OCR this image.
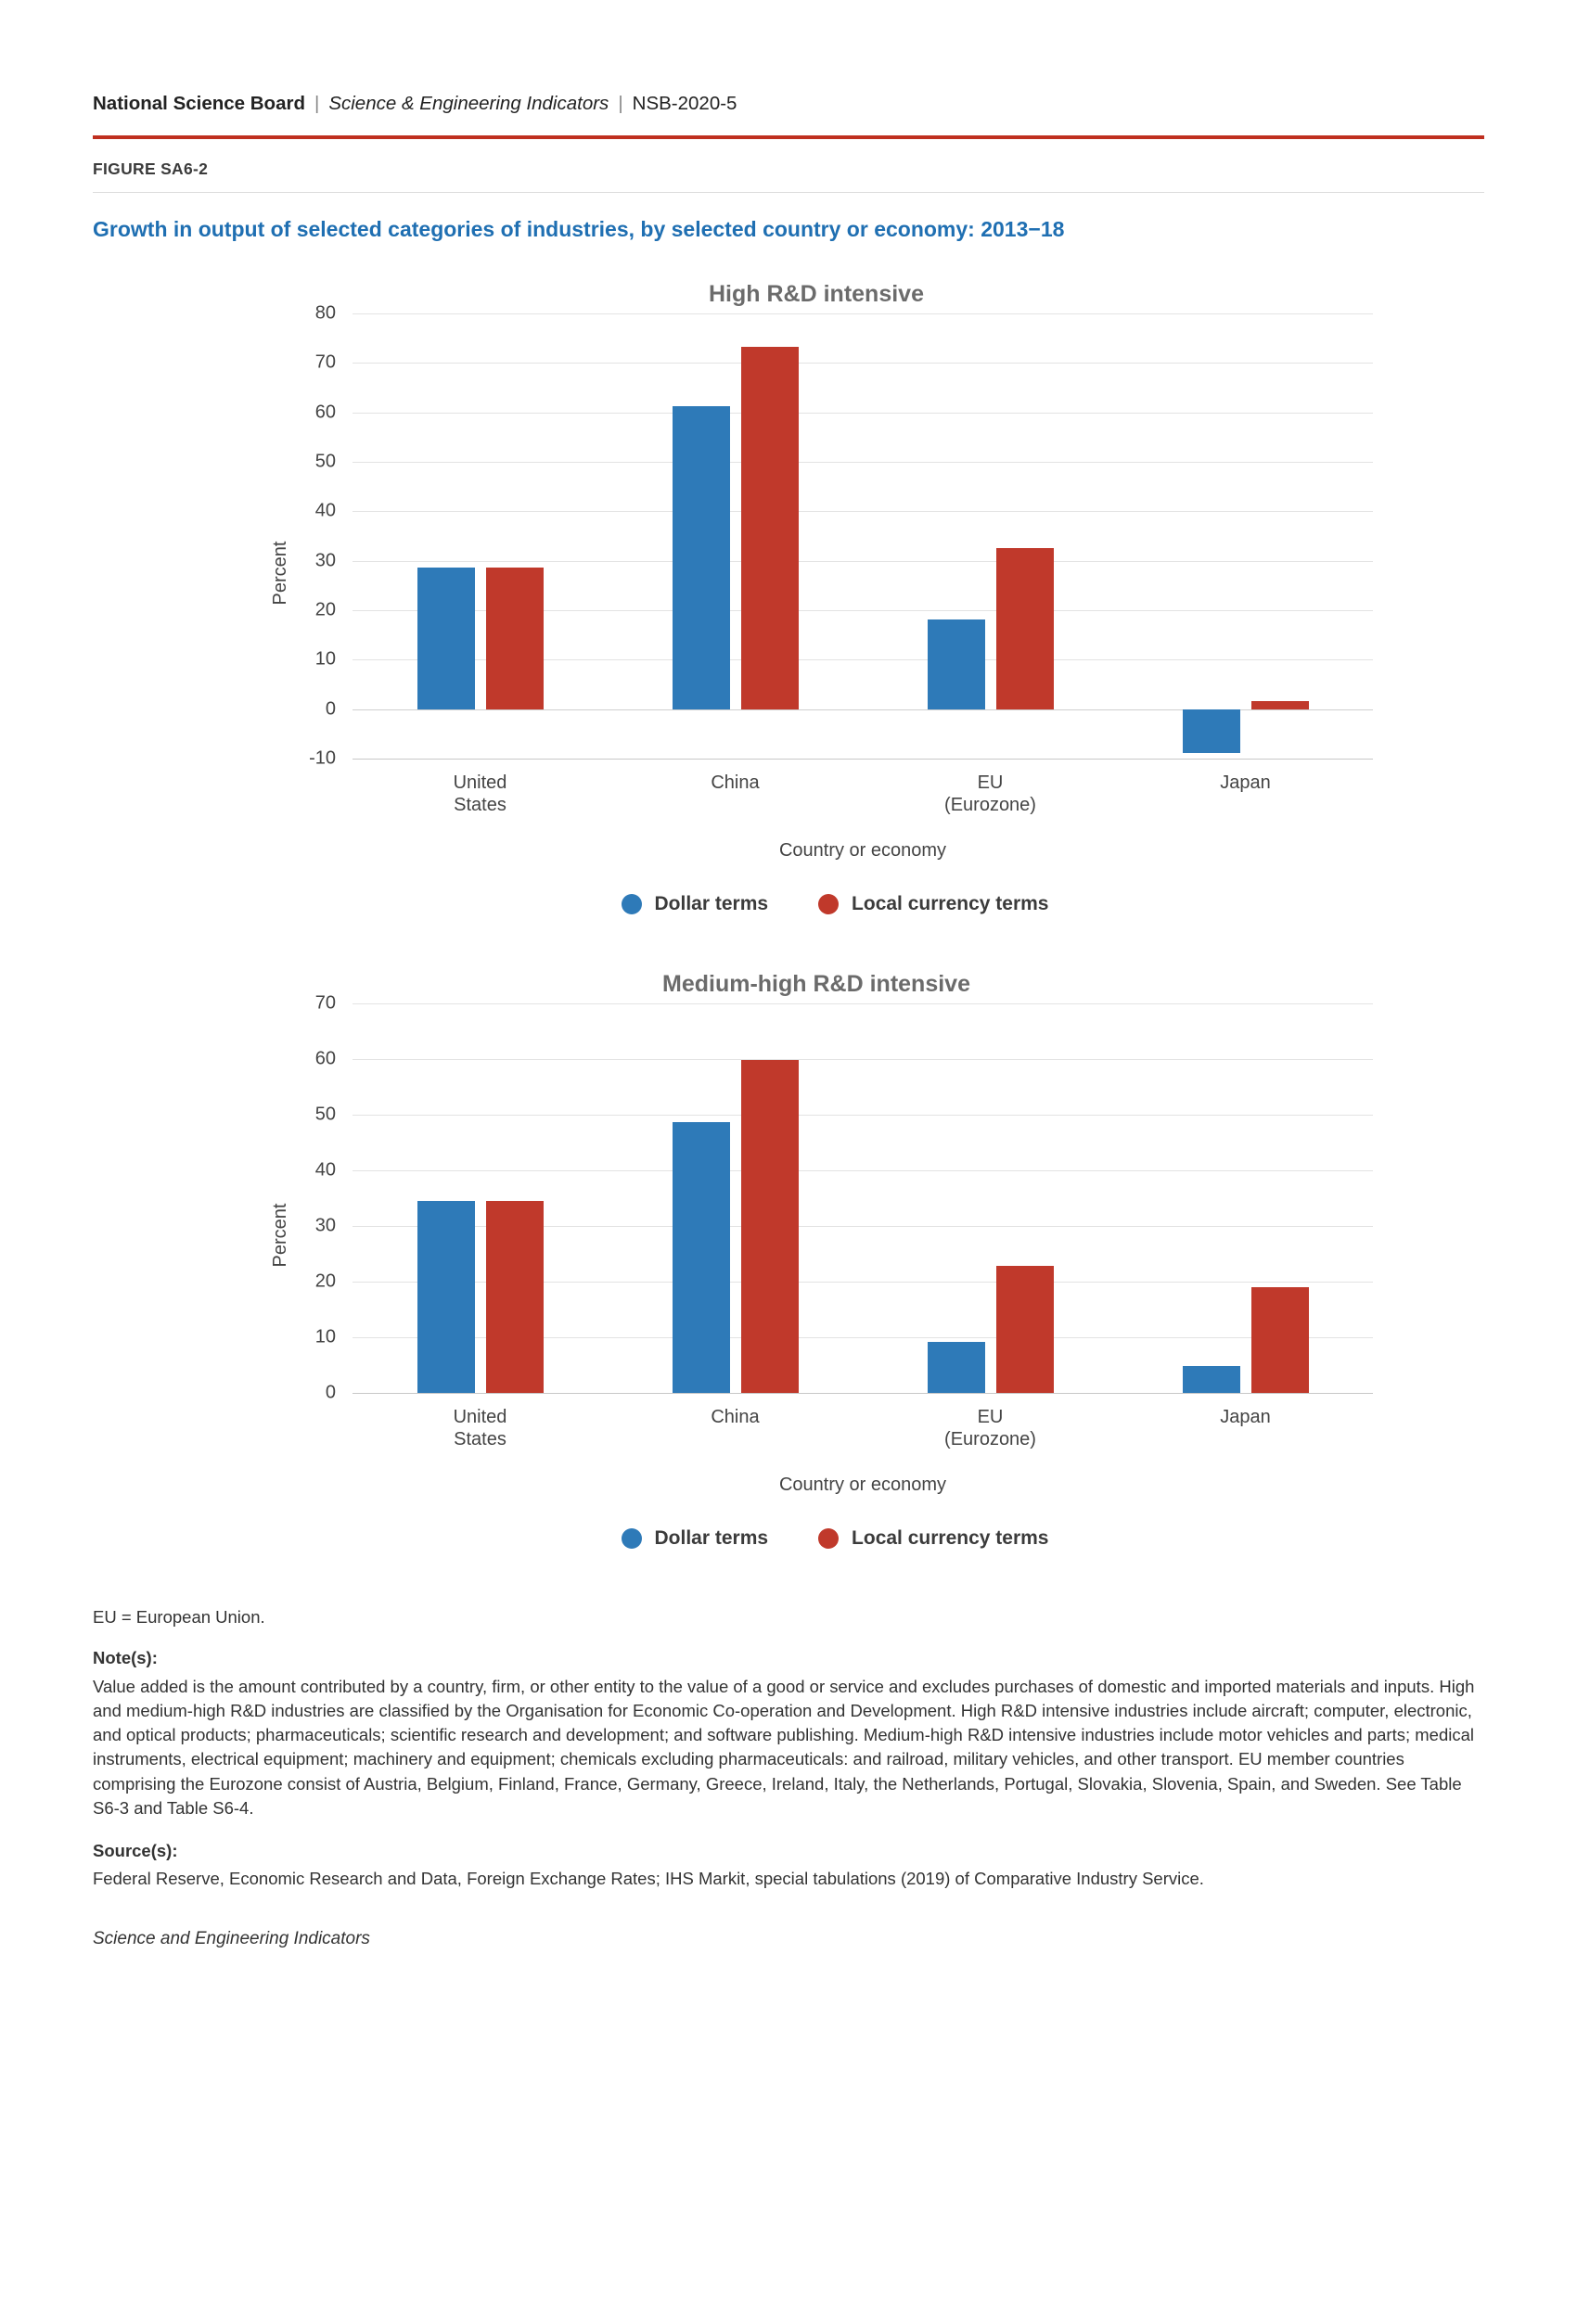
National Science Board | Science & Engineering Indicators | NSB-2020-5
FIGURE SA6-2
Growth in output of selected categories of industries, by selected country or economy: 2013−18
High R&D intensive
Percent
-10
0
10
20
30
40
50
60
70
80
United
States
China	EU
(Eurozone)
Japan
Country or economy
Dollar terms	Local currency terms
Medium-high R&D intensive
Percent
0
10
20
30
40
50
60
70
United
States
China	EU
(Eurozone)
Japan
Country or economy
Dollar terms	Local currency terms
EU = European Union.
Note(s):

Value added is the amount contributed by a country, firm, or other entity to the value of a good or service and excludes purchases of domestic and imported materials and inputs. High and medium-high R&D industries are classified by the Organisation for Economic Co-operation and Development. High R&D intensive industries include aircraft; computer, electronic, and optical products; pharmaceuticals; scientific research and development; and software publishing. Medium-high R&D intensive industries include motor vehicles and parts; medical instruments, electrical equipment; machinery and equipment; chemicals excluding pharmaceuticals: and railroad, military vehicles, and other transport. EU member countries comprising the Eurozone consist of Austria, Belgium, Finland, France, Germany, Greece, Ireland, Italy, the Netherlands, Portugal, Slovakia, Slovenia, Spain, and Sweden. See Table S6-3 and Table S6-4.

Source(s):

Federal Reserve, Economic Research and Data, Foreign Exchange Rates; IHS Markit, special tabulations (2019) of Comparative Industry Service.

Science and Engineering Indicators
